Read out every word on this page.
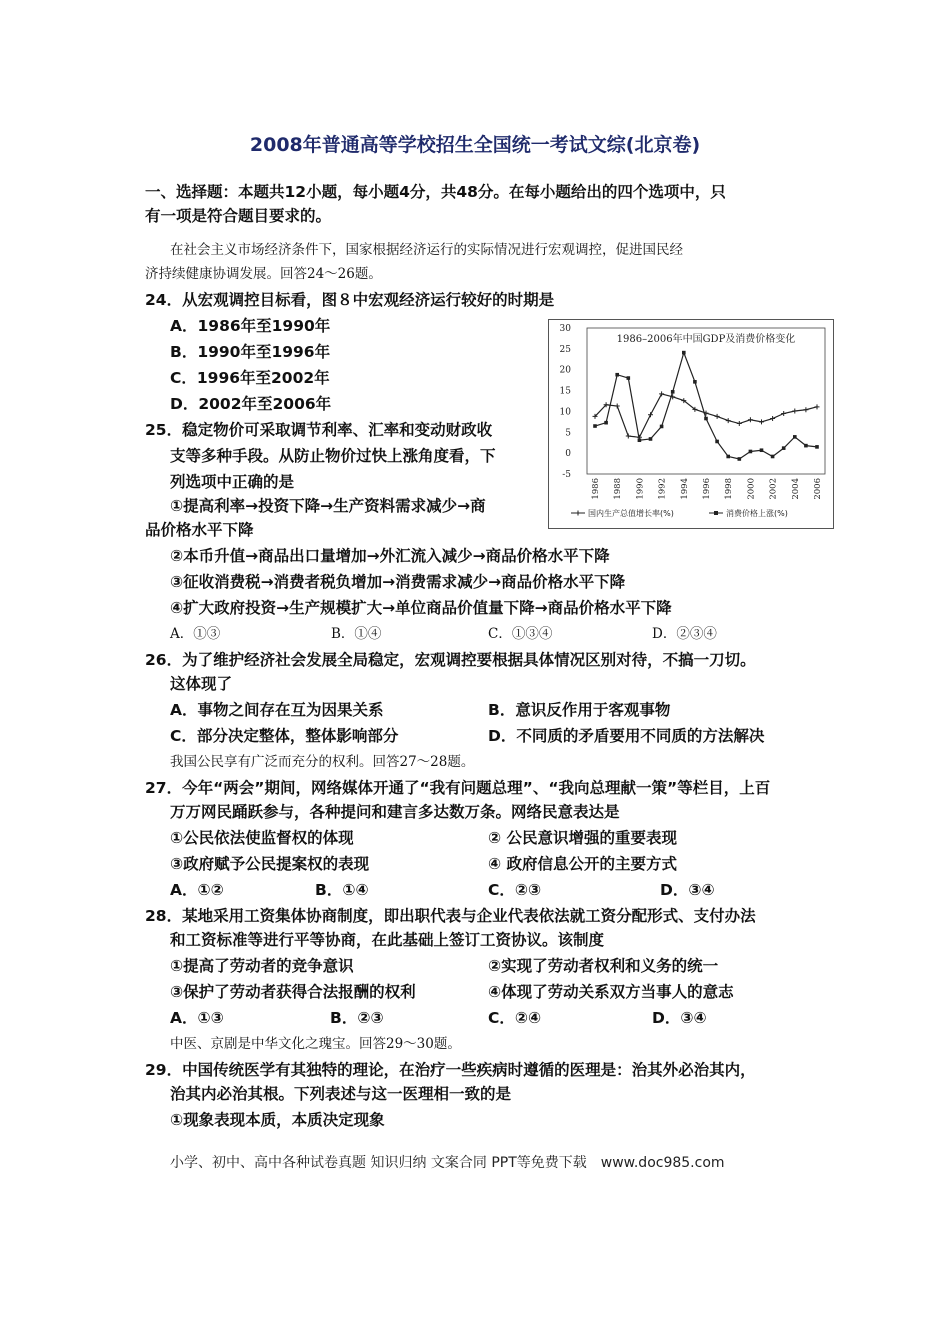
2008年普通高等学校招生全国统一考试文综(北京卷)
一、选择题：本题共12小题，每小题4分，共48分。在每小题给出的四个选项中，只
有一项是符合题目要求的。
在社会主义市场经济条件下，国家根据经济运行的实际情况进行宏观调控，促进国民经
济持续健康协调发展。回答24～26题。
24．从宏观调控目标看，图８中宏观经济运行较好的时期是
A．1986年至1990年
B．1990年至1996年
C．1996年至2002年
D．2002年至2006年
25．稳定物价可采取调节利率、汇率和变动财政收
支等多种手段。从防止物价过快上涨角度看，下
列选项中正确的是
①提高利率→投资下降→生产资料需求减少→商
品价格水平下降
②本币升值→商品出口量增加→外汇流入减少→商品价格水平下降
③征收消费税→消费者税负增加→消费需求减少→商品价格水平下降
④扩大政府投资→生产规模扩大→单位商品价值量下降→商品价格水平下降
A．①③	B．①④	C．①③④	D．②③④
26．为了维护经济社会发展全局稳定，宏观调控要根据具体情况区别对待，不搞一刀切。
这体现了
A．事物之间存在互为因果关系	B．意识反作用于客观事物
C．部分决定整体，整体影响部分	D．不同质的矛盾要用不同质的方法解决
我国公民享有广泛而充分的权利。回答27～28题。
27．今年“两会”期间，网络媒体开通了“我有问题总理”、“我向总理献一策”等栏目，上百
万万网民踊跃参与，各种提问和建言多达数万条。网络民意表达是
①公民依法使监督权的体现	② 公民意识增强的重要表现
③政府赋予公民提案权的表现	④ 政府信息公开的主要方式
A．①②	B．①④	C．②③	D．③④
28．某地采用工资集体协商制度，即出职代表与企业代表依法就工资分配形式、支付办法
和工资标准等进行平等协商，在此基础上签订工资协议。该制度
①提高了劳动者的竞争意识	②实现了劳动者权利和义务的统一
③保护了劳动者获得合法报酬的权利	④体现了劳动关系双方当事人的意志
A．①③	B．②③	C．②④	D．③④
中医、京剧是中华文化之瑰宝。回答29～30题。
29．中国传统医学有其独特的理论，在治疗一些疾病时遵循的医理是：治其外必治其内，
治其内必治其根。下列表述与这一医理相一致的是
①现象表现本质，本质决定现象
小学、初中、高中各种试卷真题 知识归纳 文案合同 PPT等免费下载　www.doc985.com
1986–2006年中国GDP及消费价格变化
30
25
20
15
10
5
0
-5
1986 1988 1990 1992 1994 1996 1998 2000 2002 2004 2006
国内生产总值增长率(%)	消费价格上涨(%)
